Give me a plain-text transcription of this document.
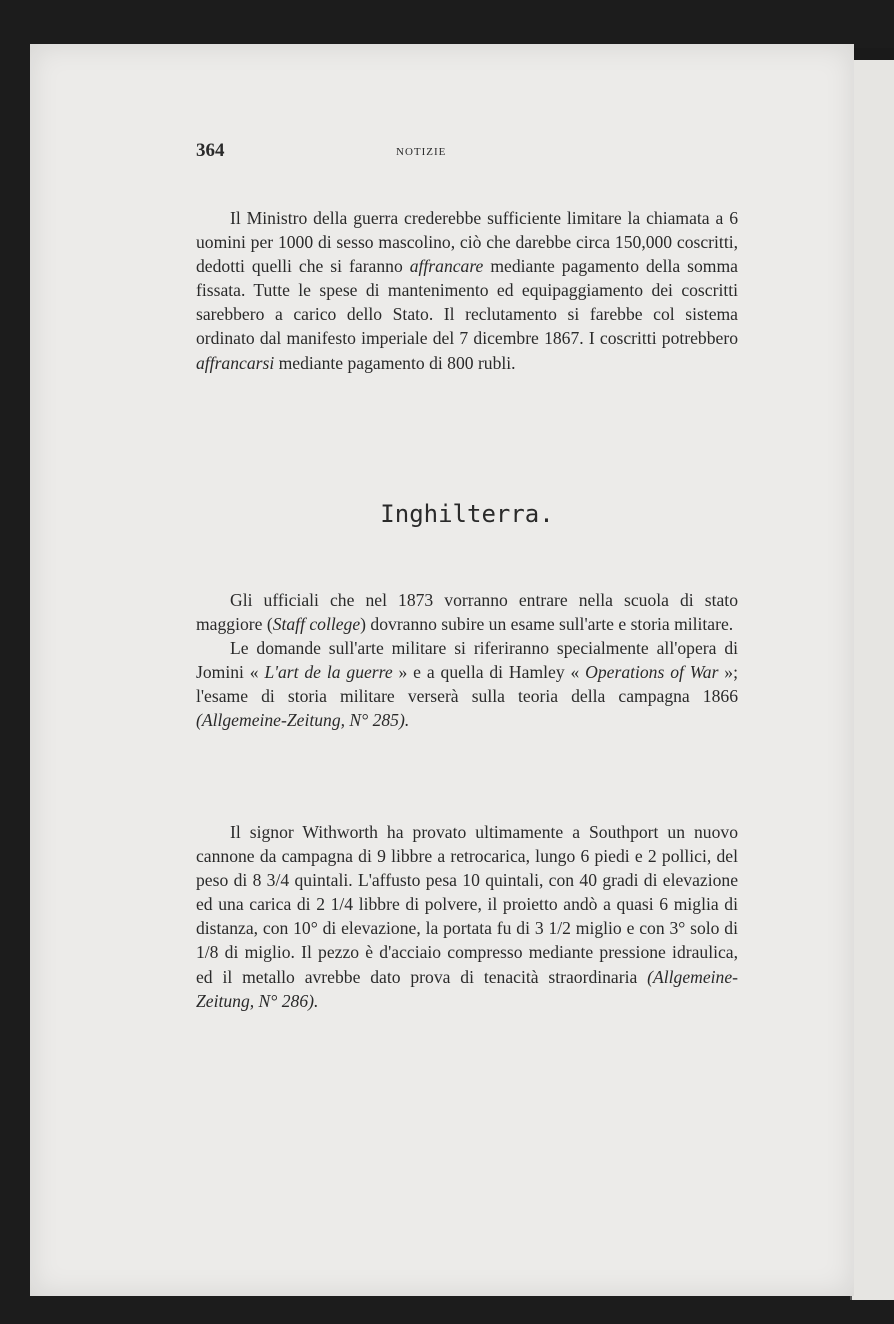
364	NOTIZIE

Il Ministro della guerra crederebbe sufficiente limitare la chiamata a 6 uomini per 1000 di sesso mascolino, ciò che darebbe circa 150,000 coscritti, dedotti quelli che si faranno affrancare mediante pagamento della somma fissata. Tutte le spese di mantenimento ed equipaggiamento dei coscritti sarebbero a carico dello Stato. Il reclutamento si farebbe col sistema ordinato dal manifesto imperiale del 7 dicembre 1867. I coscritti potrebbero affrancarsi mediante pagamento di 800 rubli.

Inghilterra.

Gli ufficiali che nel 1873 vorranno entrare nella scuola di stato maggiore (Staff college) dovranno subire un esame sull'arte e storia militare.

Le domande sull'arte militare si riferiranno specialmente all'opera di Jomini « L'art de la guerre » e a quella di Hamley « Operations of War »; l'esame di storia militare verserà sulla teoria della campagna 1866 (Allgemeine-Zeitung, N° 285).

Il signor Withworth ha provato ultimamente a Southport un nuovo cannone da campagna di 9 libbre a retrocarica, lungo 6 piedi e 2 pollici, del peso di 8 3/4 quintali. L'affusto pesa 10 quintali, con 40 gradi di elevazione ed una carica di 2 1/4 libbre di polvere, il proietto andò a quasi 6 miglia di distanza, con 10° di elevazione, la portata fu di 3 1/2 miglio e con 3° solo di 1/8 di miglio. Il pezzo è d'acciaio compresso mediante pressione idraulica, ed il metallo avrebbe dato prova di tenacità straordinaria (Allgemeine-Zeitung, N° 286).
